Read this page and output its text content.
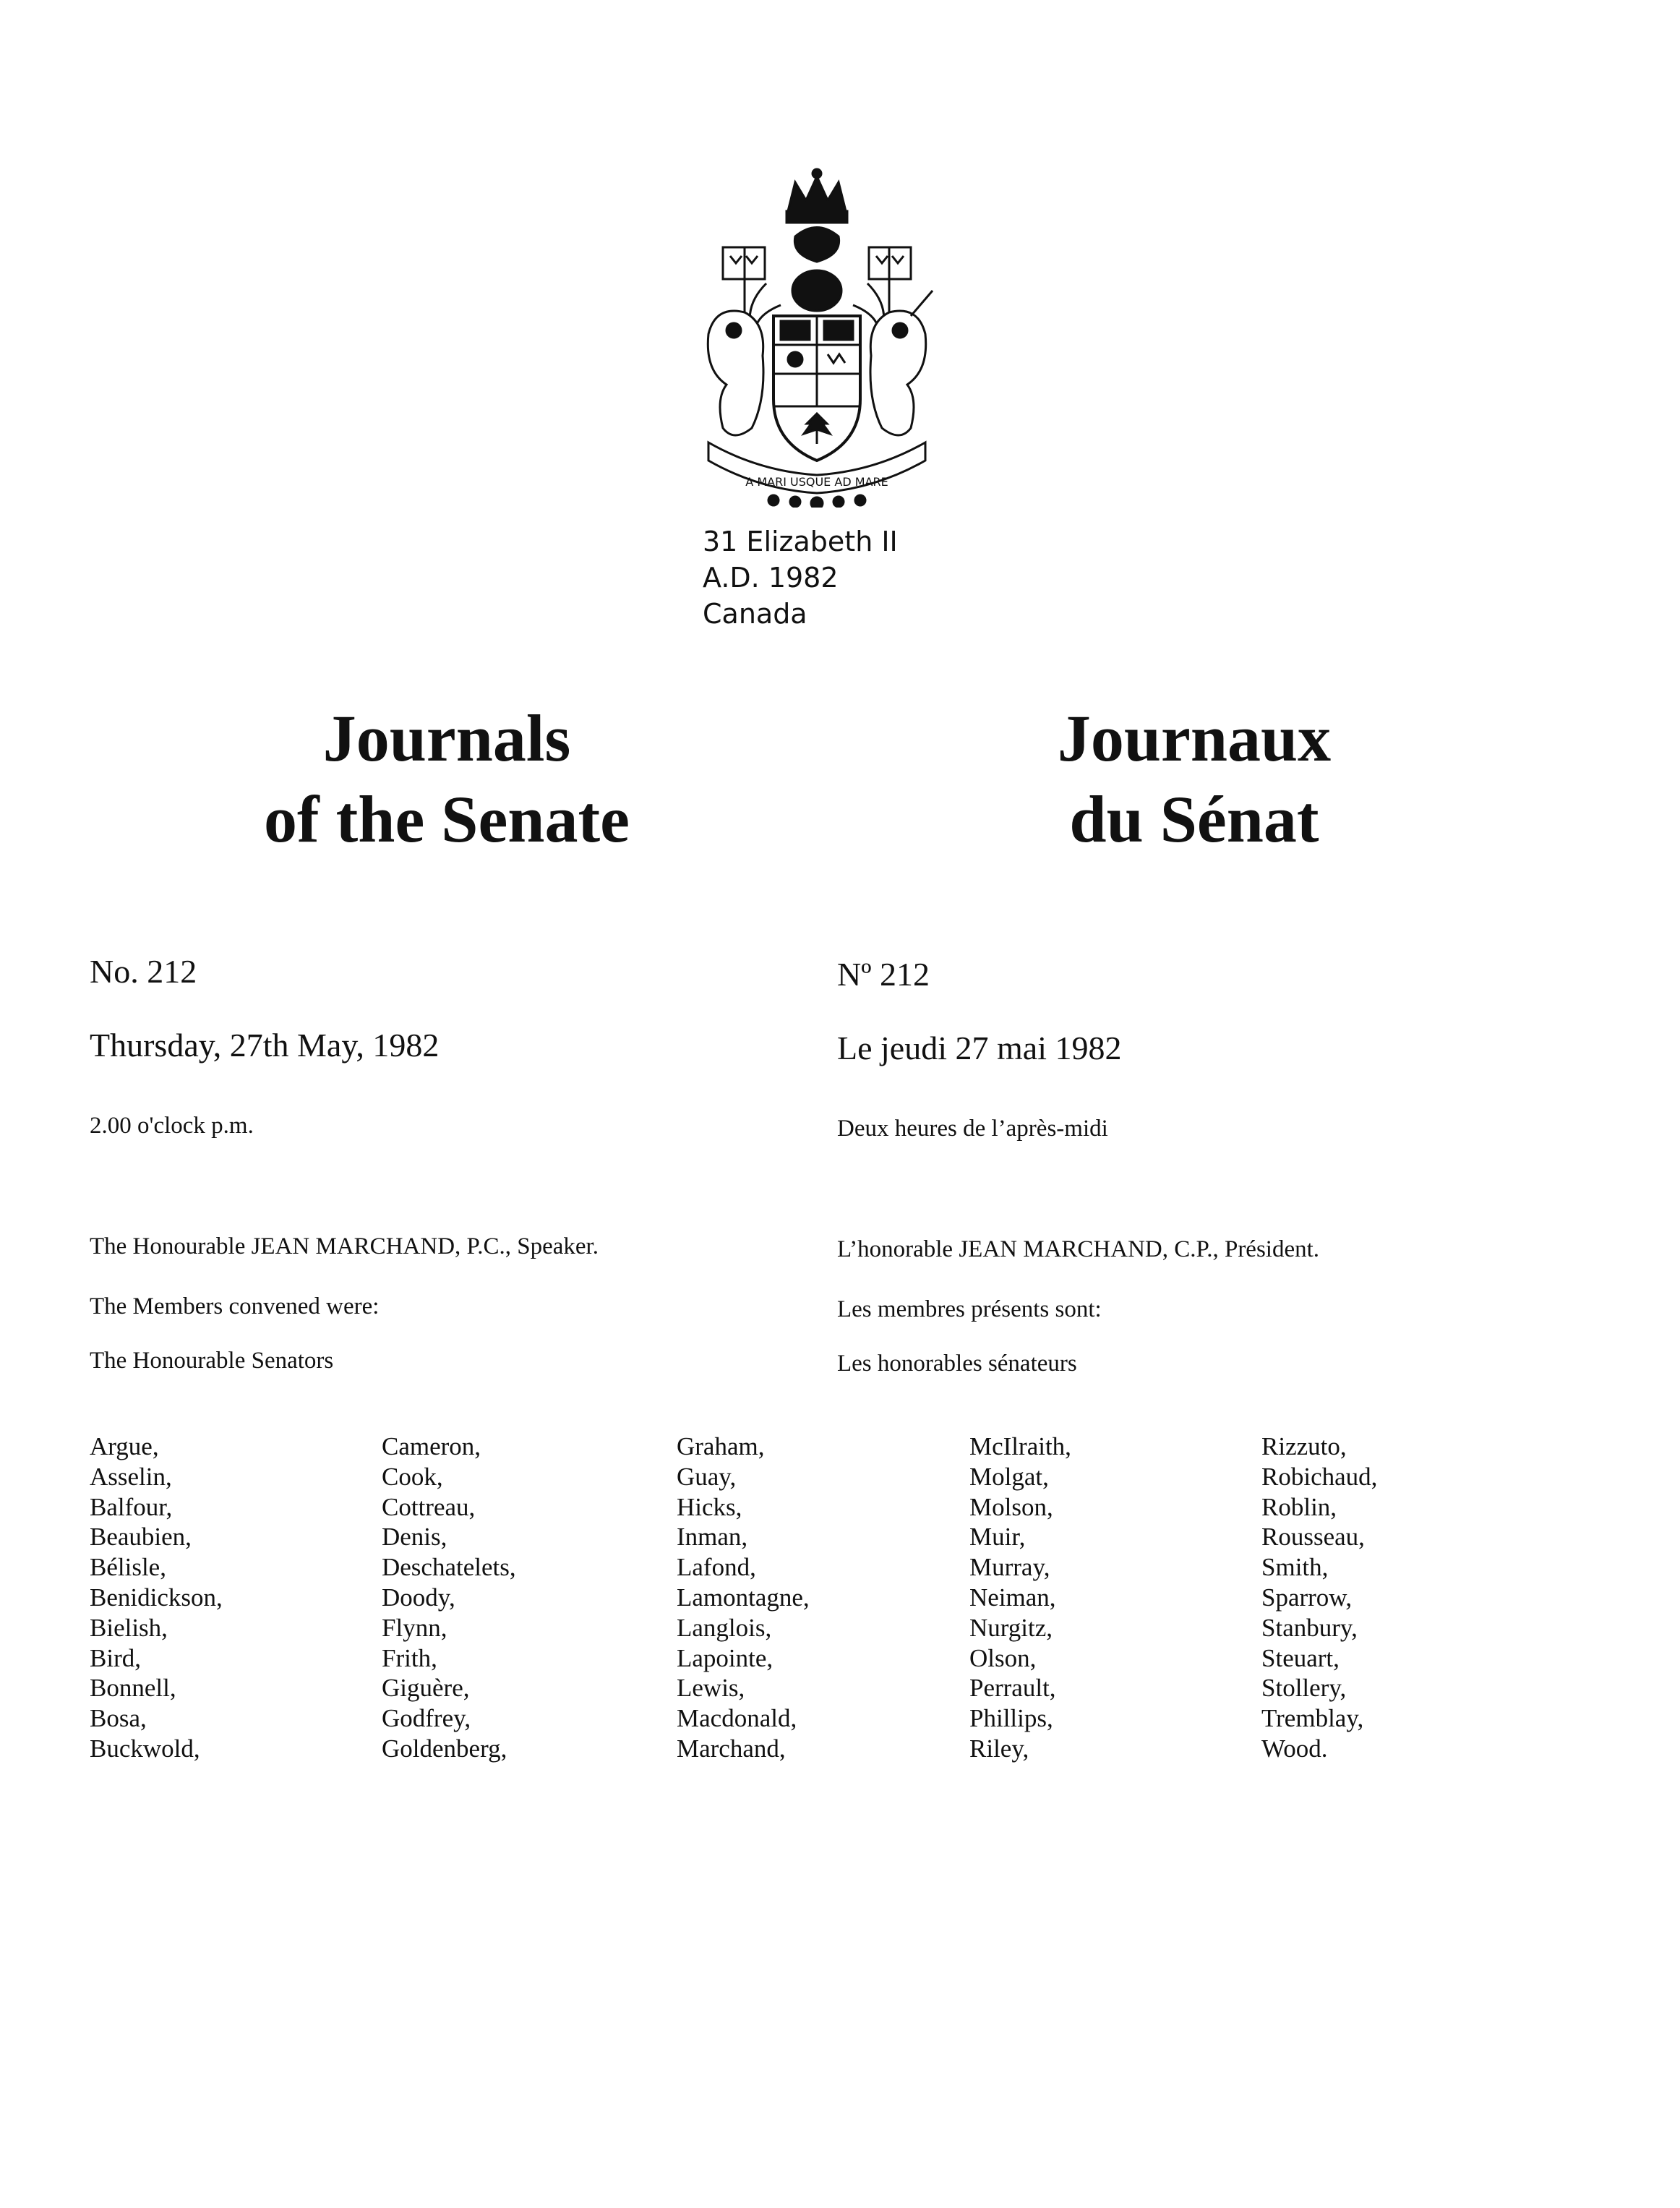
A MARI USQUE AD MARE
31 Elizabeth II
A.D. 1982
Canada
Journals
of the Senate
Journaux
du Sénat
No. 212
Thursday, 27th May, 1982
2.00 o'clock p.m.
The Honourable JEAN MARCHAND, P.C., Speaker.
The Members convened were:
The Honourable Senators
Nº 212
Le jeudi 27 mai 1982
Deux heures de l’après-midi
L’honorable JEAN MARCHAND, C.P., Président.
Les membres présents sont:
Les honorables sénateurs
Argue,
Asselin,
Balfour,
Beaubien,
Bélisle,
Benidickson,
Bielish,
Bird,
Bonnell,
Bosa,
Buckwold,
Cameron,
Cook,
Cottreau,
Denis,
Deschatelets,
Doody,
Flynn,
Frith,
Giguère,
Godfrey,
Goldenberg,
Graham,
Guay,
Hicks,
Inman,
Lafond,
Lamontagne,
Langlois,
Lapointe,
Lewis,
Macdonald,
Marchand,
McIlraith,
Molgat,
Molson,
Muir,
Murray,
Neiman,
Nurgitz,
Olson,
Perrault,
Phillips,
Riley,
Rizzuto,
Robichaud,
Roblin,
Rousseau,
Smith,
Sparrow,
Stanbury,
Steuart,
Stollery,
Tremblay,
Wood.
